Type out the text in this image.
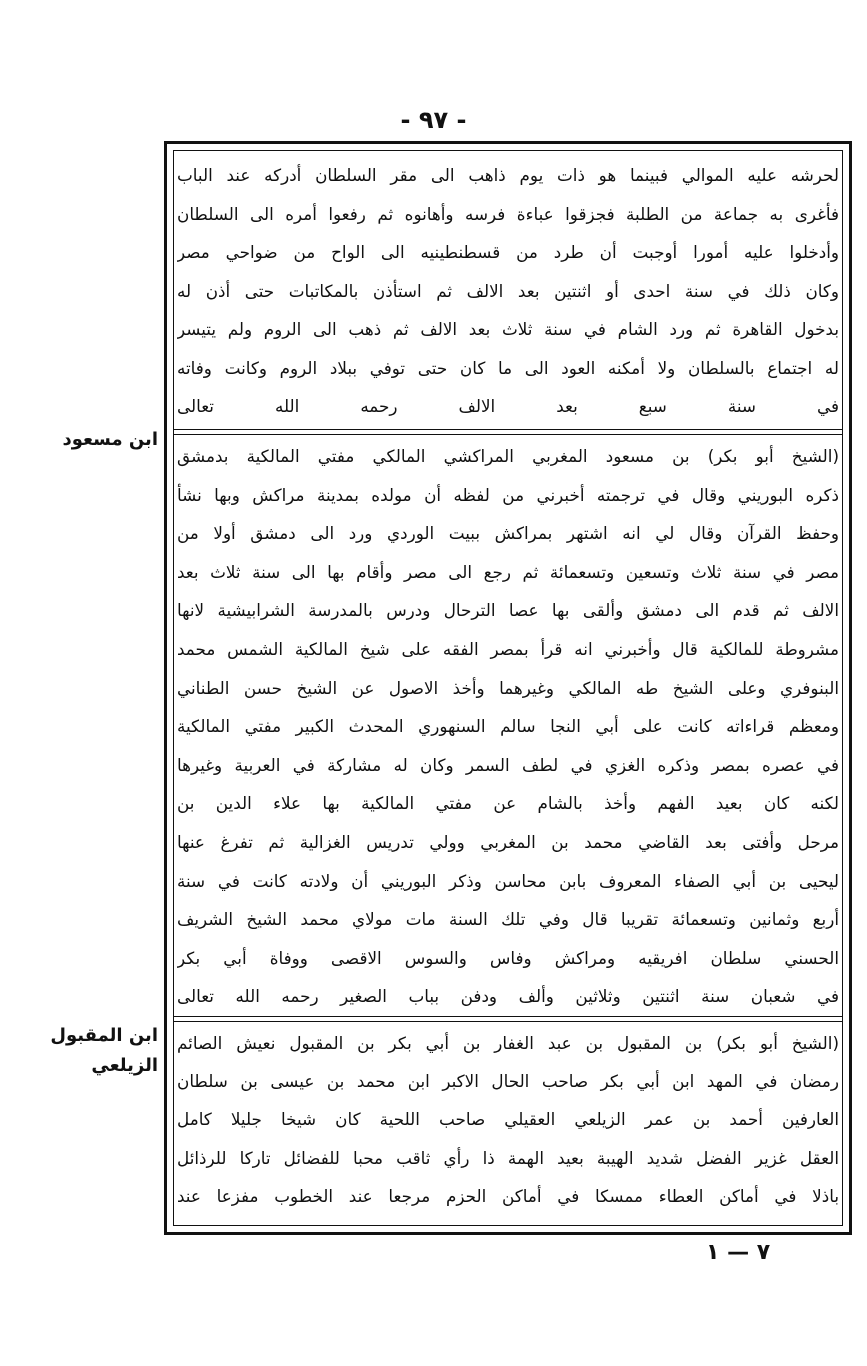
- ٩٧ -
ابن مسعود
ابن المقبول
الزيلعي
لحرشه عليه الموالي فبينما هو ذات يوم ذاهب الى مقر السلطان أدركه عند الباب
فأغرى به جماعة من الطلبة فجزقوا عباءة فرسه وأهانوه ثم رفعوا أمره الى السلطان
وأدخلوا عليه أمورا أوجبت أن طرد من قسطنطينيه الى الواح من ضواحي مصر
وكان ذلك في سنة احدى أو اثنتين بعد الالف ثم استأذن بالمكاتبات حتى أذن له
بدخول القاهرة ثم ورد الشام في سنة ثلاث بعد الالف ثم ذهب الى الروم ولم يتيسر
له اجتماع بالسلطان ولا أمكنه العود الى ما كان حتى توفي ببلاد الروم وكانت وفاته
في سنة سبع بعد الالف رحمه الله تعالى
(الشيخ أبو بكر) بن مسعود المغربي المراكشي المالكي مفتي المالكية بدمشق
ذكره البوريني وقال في ترجمته أخبرني من لفظه أن مولده بمدينة مراكش وبها نشأ
وحفظ القرآن وقال لي انه اشتهر بمراكش ببيت الوردي ورد الى دمشق أولا من
مصر في سنة ثلاث وتسعين وتسعمائة ثم رجع الى مصر وأقام بها الى سنة ثلاث بعد
الالف ثم قدم الى دمشق وألقى بها عصا الترحال ودرس بالمدرسة الشرابيشية لانها
مشروطة للمالكية قال وأخبرني انه قرأ بمصر الفقه على شيخ المالكية الشمس محمد
البنوفري وعلى الشيخ طه المالكي وغيرهما وأخذ الاصول عن الشيخ حسن الطناني
ومعظم قراءاته كانت على أبي النجا سالم السنهوري المحدث الكبير مفتي المالكية
في عصره بمصر وذكره الغزي في لطف السمر وكان له مشاركة في العربية وغيرها
لكنه كان بعيد الفهم وأخذ بالشام عن مفتي المالكية بها علاء الدين بن
مرحل وأفتى بعد القاضي محمد بن المغربي وولي تدريس الغزالية ثم تفرغ عنها
ليحيى بن أبي الصفاء المعروف بابن محاسن وذكر البوريني أن ولادته كانت في سنة
أربع وثمانين وتسعمائة تقريبا قال وفي تلك السنة مات مولاي محمد الشيخ الشريف
الحسني سلطان افريقيه ومراكش وفاس والسوس الاقصى ووفاة أبي بكر
في شعبان سنة اثنتين وثلاثين وألف ودفن بباب الصغير رحمه الله تعالى
(الشيخ أبو بكر) بن المقبول بن عبد الغفار بن أبي بكر بن المقبول نعيش الصائم
رمضان في المهد ابن أبي بكر صاحب الحال الاكبر ابن محمد بن عيسى بن سلطان
العارفين أحمد بن عمر الزيلعي العقيلي صاحب اللحية كان شيخا جليلا كامل
العقل غزير الفضل شديد الهيبة بعيد الهمة ذا رأي ثاقب محبا للفضائل تاركا للرذائل
باذلا في أماكن العطاء ممسكا في أماكن الحزم مرجعا عند الخطوب مفزعا عند
٧ — ١
